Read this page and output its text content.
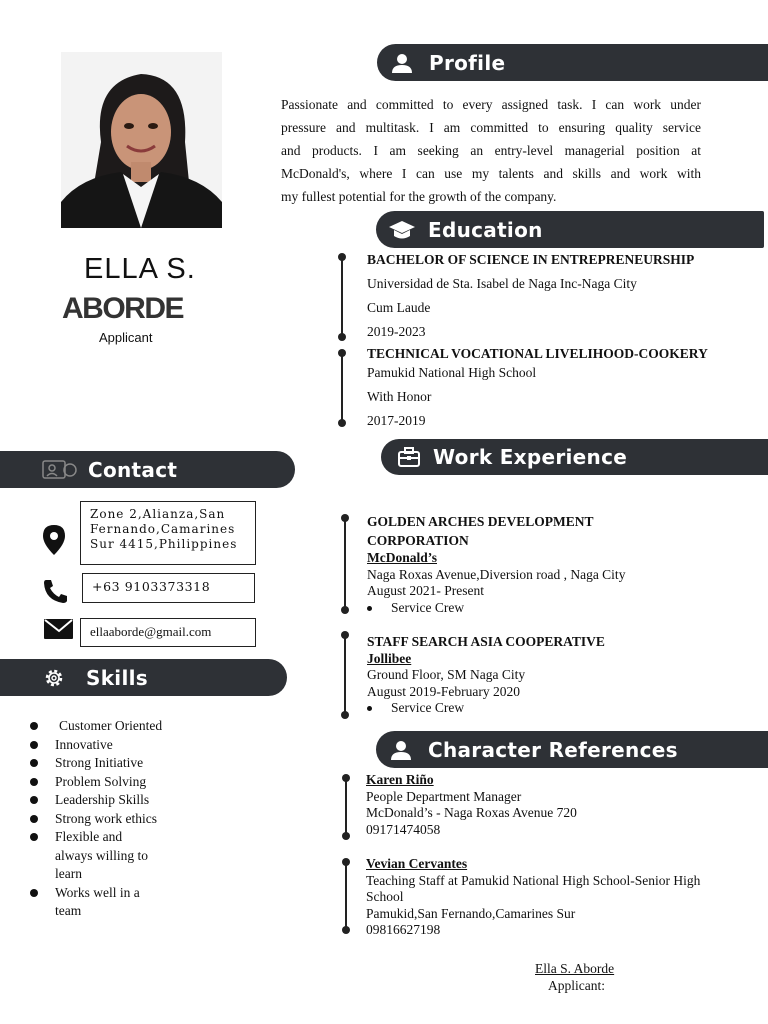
ELLA S.
ABORDE
Applicant
Profile
Passionate and committed to every assigned task. I can work under
pressure and multitask. I am committed to ensuring quality service
and products. I am seeking an entry-level managerial position at
McDonald's, where I can use my talents and skills and work with
my fullest potential for the growth of the company.
Education
BACHELOR OF SCIENCE IN ENTREPRENEURSHIP
Universidad de Sta. Isabel de Naga Inc-Naga City
Cum Laude
2019-2023
TECHNICAL VOCATIONAL LIVELIHOOD-COOKERY
Pamukid National High School
With Honor
2017-2019
Work Experience
GOLDEN ARCHES DEVELOPMENT
CORPORATION
McDonald’s
Naga Roxas Avenue,Diversion road , Naga City
August 2021- Present
Service Crew
STAFF SEARCH ASIA COOPERATIVE
Jollibee
Ground Floor, SM Naga City
August 2019-February 2020
Service Crew
Character References
Karen Riño
People Department Manager
McDonald’s - Naga Roxas Avenue 720
09171474058
Vevian Cervantes
Teaching Staff at Pamukid National High School-Senior High
School
Pamukid,San Fernando,Camarines Sur
09816627198
Ella S. Aborde
Applicant:
Contact
Zone 2,Alianza,San
Fernando,Camarines
Sur 4415,Philippines
+63 9103373318
ellaaborde@gmail.com
Skills
Customer Oriented
Innovative
Strong Initiative
Problem Solving
Leadership Skills
Strong work ethics
Flexible and
always willing to
learn
Works well in a
team
